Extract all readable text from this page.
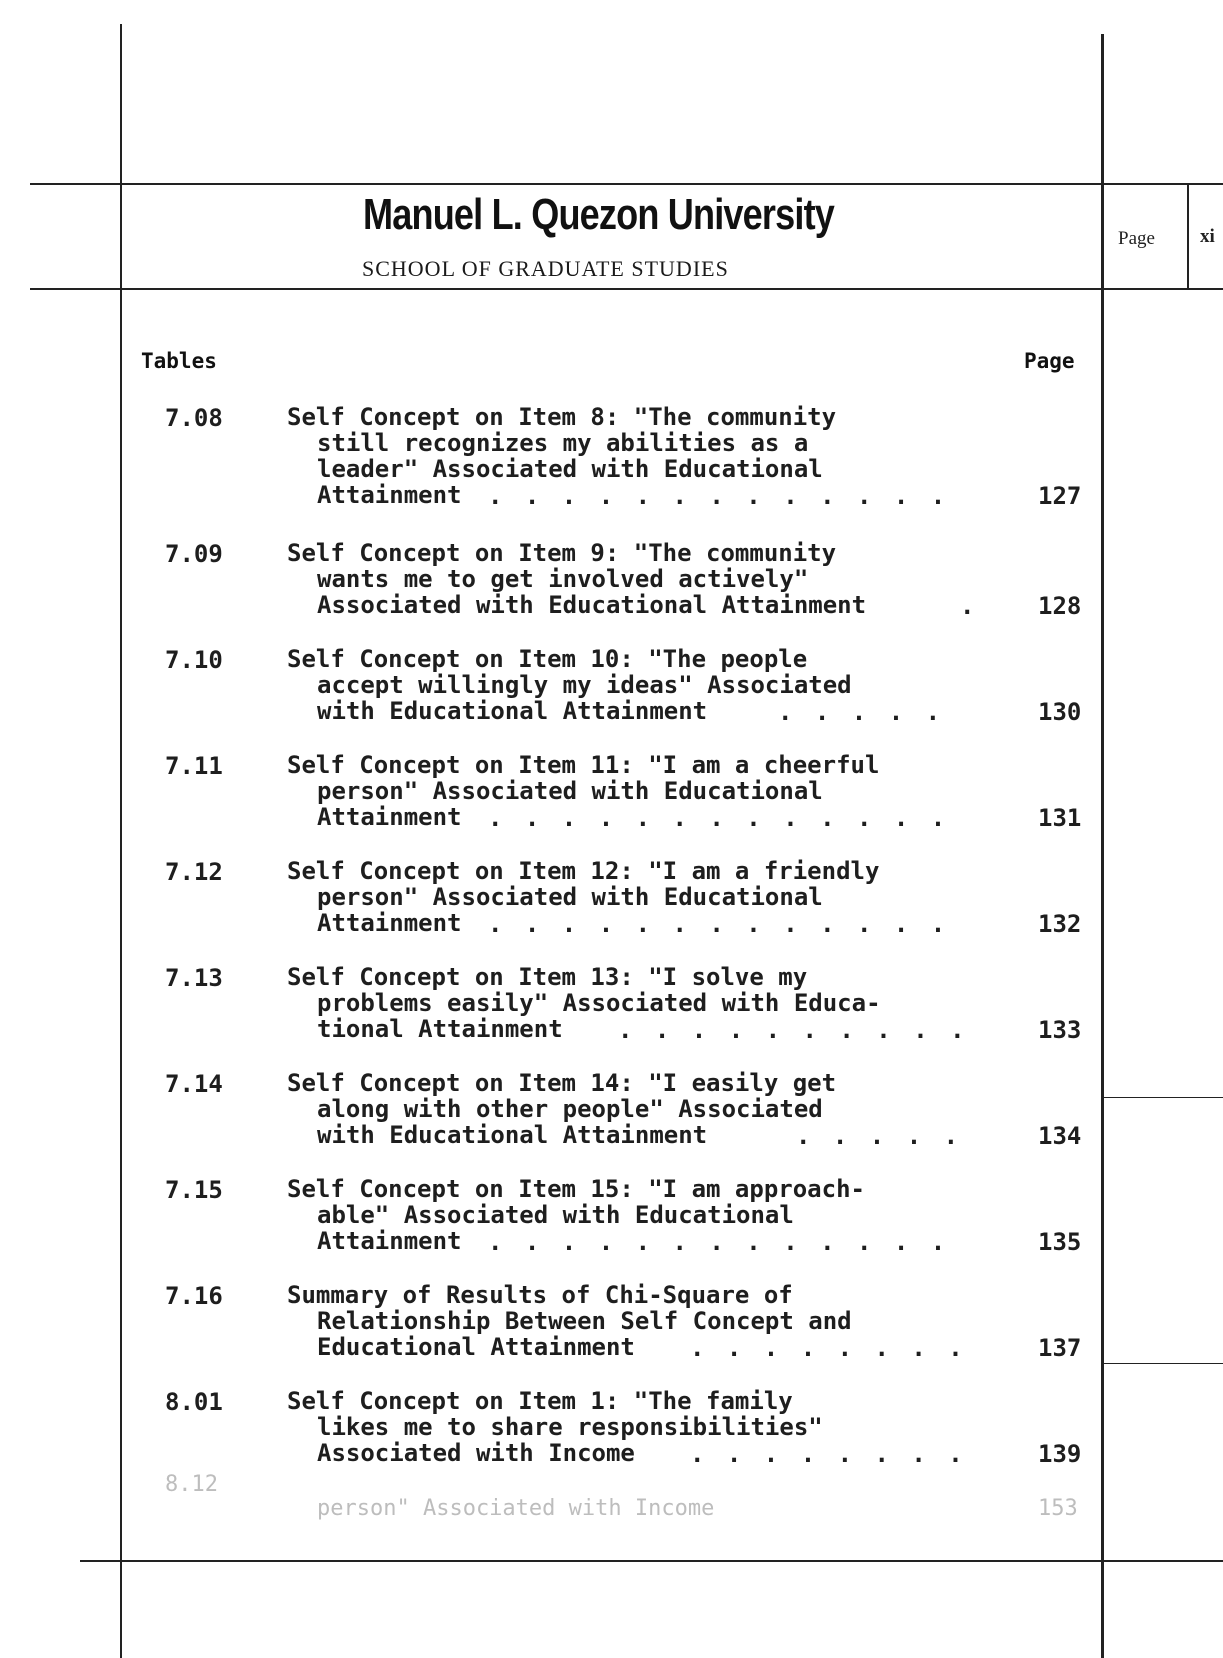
Manuel L. Quezon University
SCHOOL OF GRADUATE STUDIES
Page xi
Tables	Page
7.08	Self Concept on Item 8: "The community
still recognizes my abilities as a
leader" Associated with Educational
Attainment	. . . . . . . . . . . . .	127
7.09	Self Concept on Item 9: "The community
wants me to get involved actively"
Associated with Educational Attainment	. 128
7.10	Self Concept on Item 10: "The people
accept willingly my ideas" Associated
with Educational Attainment	. . . . .	130
7.11	Self Concept on Item 11: "I am a cheerful
person" Associated with Educational
Attainment	. . . . . . . . . . . . .	131
7.12	Self Concept on Item 12: "I am a friendly
person" Associated with Educational
Attainment	. . . . . . . . . . . . .	132
7.13	Self Concept on Item 13: "I solve my
problems easily" Associated with Educa-
tional Attainment	. . . . . . . . . .	133
7.14	Self Concept on Item 14: "I easily get
along with other people" Associated
with Educational Attainment	. . . . .	134
7.15	Self Concept on Item 15: "I am approach-
able" Associated with Educational
Attainment	. . . . . . . . . . . . .	135
7.16	Summary of Results of Chi-Square of
Relationship Between Self Concept and
Educational Attainment	. . . . . . . .	137
8.01	Self Concept on Item 1: "The family
likes me to share responsibilities"
Associated with Income	. . . . . . . .	139
8.12
person" Associated with Income	153
